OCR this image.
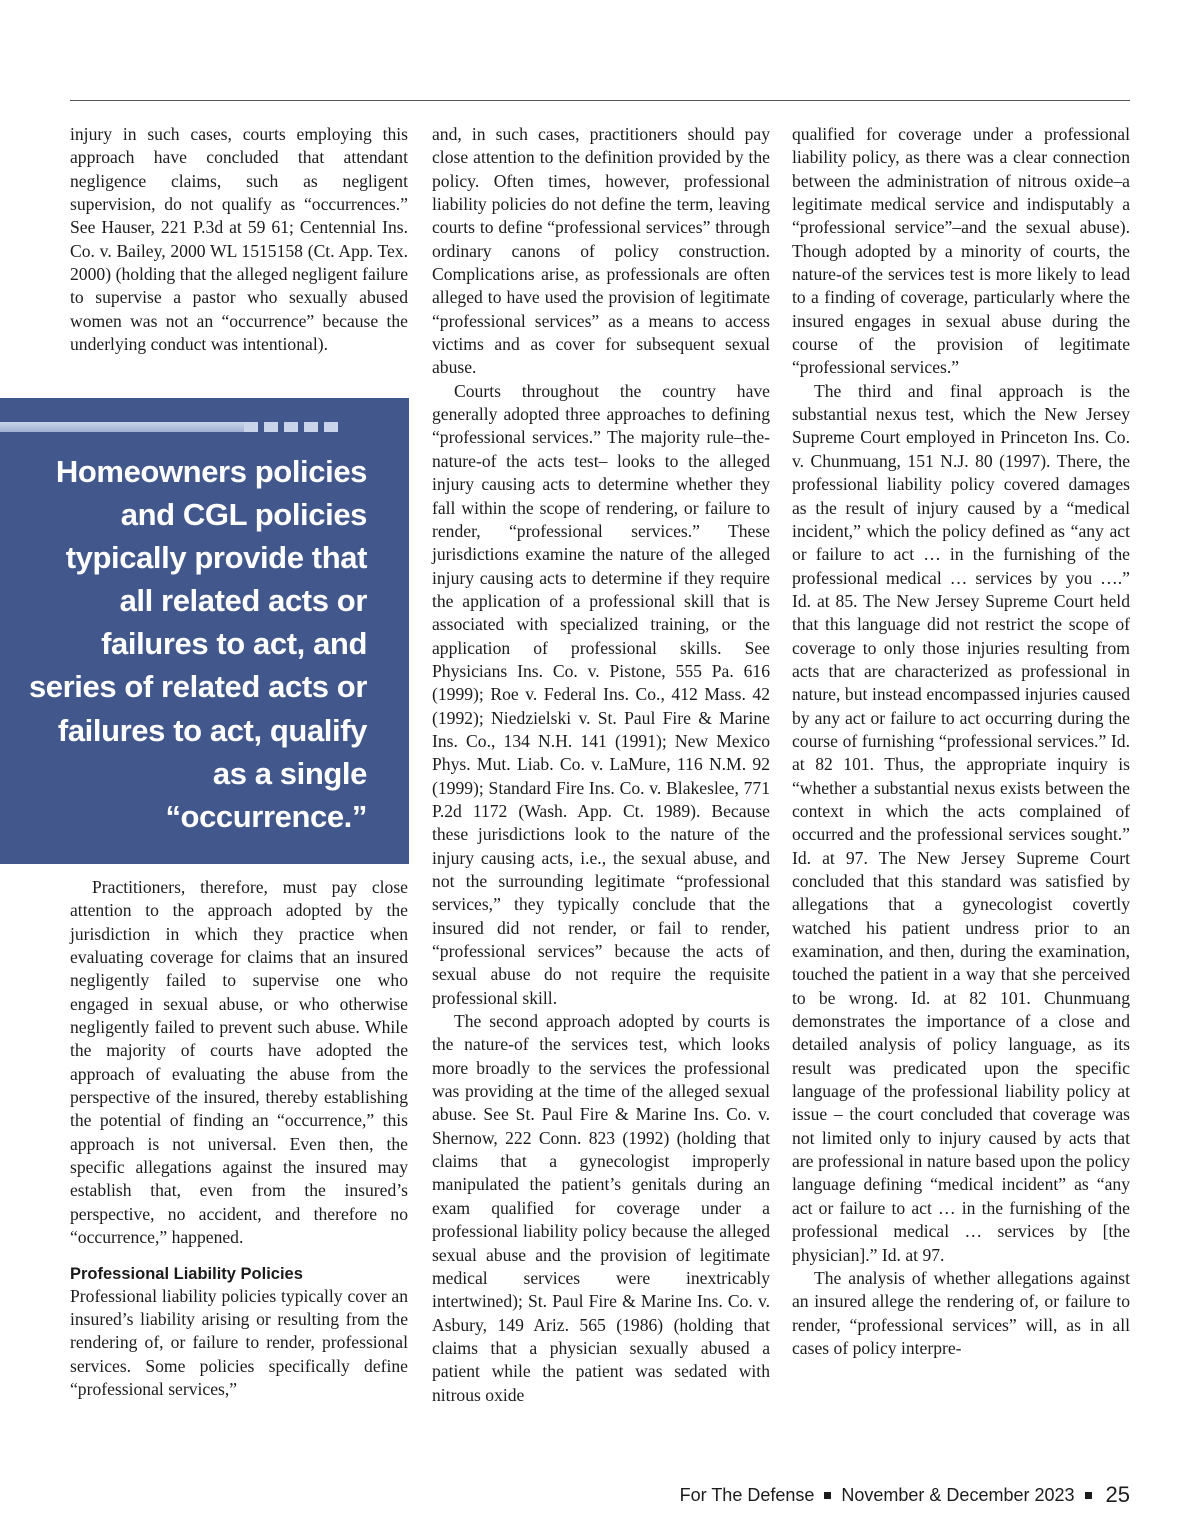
injury in such cases, courts employing this approach have concluded that attendant negligence claims, such as negligent supervision, do not qualify as “occurrences.” See Hauser, 221 P.3d at 59 61; Centennial Ins. Co. v. Bailey, 2000 WL 1515158 (Ct. App. Tex. 2000) (holding that the alleged negligent failure to supervise a pastor who sexually abused women was not an “occurrence” because the underlying conduct was intentional).

Homeowners policies and CGL policies typically provide that all related acts or failures to act, and series of related acts or failures to act, qualify as a single “occurrence.”

Practitioners, therefore, must pay close attention to the approach adopted by the jurisdiction in which they practice when evaluating coverage for claims that an insured negligently failed to supervise one who engaged in sexual abuse, or who otherwise negligently failed to prevent such abuse. While the majority of courts have adopted the approach of evaluating the abuse from the perspective of the insured, thereby establishing the potential of finding an “occurrence,” this approach is not universal. Even then, the specific allegations against the insured may establish that, even from the insured’s perspective, no accident, and therefore no “occurrence,” happened.

Professional Liability Policies

Professional liability policies typically cover an insured’s liability arising or resulting from the rendering of, or failure to render, professional services. Some policies specifically define “professional services,”

and, in such cases, practitioners should pay close attention to the definition provided by the policy. Often times, however, professional liability policies do not define the term, leaving courts to define “professional services” through ordinary canons of policy construction. Complications arise, as professionals are often alleged to have used the provision of legitimate “professional services” as a means to access victims and as cover for subsequent sexual abuse.

Courts throughout the country have generally adopted three approaches to defining “professional services.” The majority rule–the-nature-of the acts test– looks to the alleged injury causing acts to determine whether they fall within the scope of rendering, or failure to render, “professional services.” These jurisdictions examine the nature of the alleged injury causing acts to determine if they require the application of a professional skill that is associated with specialized training, or the application of professional skills. See Physicians Ins. Co. v. Pistone, 555 Pa. 616 (1999); Roe v. Federal Ins. Co., 412 Mass. 42 (1992); Niedzielski v. St. Paul Fire & Marine Ins. Co., 134 N.H. 141 (1991); New Mexico Phys. Mut. Liab. Co. v. LaMure, 116 N.M. 92 (1999); Standard Fire Ins. Co. v. Blakeslee, 771 P.2d 1172 (Wash. App. Ct. 1989). Because these jurisdictions look to the nature of the injury causing acts, i.e., the sexual abuse, and not the surrounding legitimate “professional services,” they typically conclude that the insured did not render, or fail to render, “professional services” because the acts of sexual abuse do not require the requisite professional skill.

The second approach adopted by courts is the nature-of the services test, which looks more broadly to the services the professional was providing at the time of the alleged sexual abuse. See St. Paul Fire & Marine Ins. Co. v. Shernow, 222 Conn. 823 (1992) (holding that claims that a gynecologist improperly manipulated the patient’s genitals during an exam qualified for coverage under a professional liability policy because the alleged sexual abuse and the provision of legitimate medical services were inextricably intertwined); St. Paul Fire & Marine Ins. Co. v. Asbury, 149 Ariz. 565 (1986) (holding that claims that a physician sexually abused a patient while the patient was sedated with nitrous oxide

qualified for coverage under a professional liability policy, as there was a clear connection between the administration of nitrous oxide–a legitimate medical service and indisputably a “professional service”–and the sexual abuse). Though adopted by a minority of courts, the nature-of the services test is more likely to lead to a finding of coverage, particularly where the insured engages in sexual abuse during the course of the provision of legitimate “professional services.”

The third and final approach is the substantial nexus test, which the New Jersey Supreme Court employed in Princeton Ins. Co. v. Chunmuang, 151 N.J. 80 (1997). There, the professional liability policy covered damages as the result of injury caused by a “medical incident,” which the policy defined as “any act or failure to act … in the furnishing of the professional medical … services by you ….” Id. at 85. The New Jersey Supreme Court held that this language did not restrict the scope of coverage to only those injuries resulting from acts that are characterized as professional in nature, but instead encompassed injuries caused by any act or failure to act occurring during the course of furnishing “professional services.” Id. at 82 101. Thus, the appropriate inquiry is “whether a substantial nexus exists between the context in which the acts complained of occurred and the professional services sought.” Id. at 97. The New Jersey Supreme Court concluded that this standard was satisfied by allegations that a gynecologist covertly watched his patient undress prior to an examination, and then, during the examination, touched the patient in a way that she perceived to be wrong. Id. at 82 101. Chunmuang demonstrates the importance of a close and detailed analysis of policy language, as its result was predicated upon the specific language of the professional liability policy at issue – the court concluded that coverage was not limited only to injury caused by acts that are professional in nature based upon the policy language defining “medical incident” as “any act or failure to act … in the furnishing of the professional medical … services by [the physician].” Id. at 97.

The analysis of whether allegations against an insured allege the rendering of, or failure to render, “professional services” will, as in all cases of policy interpre-

For The Defense November & December 2023 25
